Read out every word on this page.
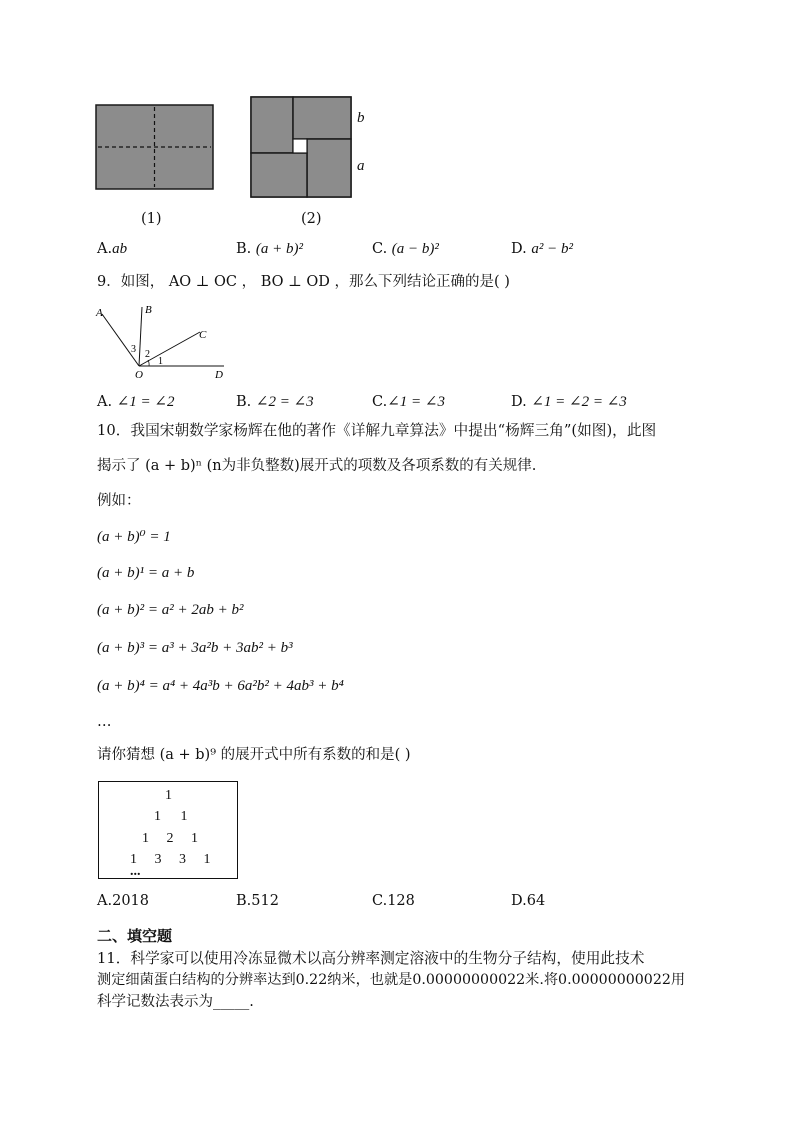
(1)
b
a
(2)
A.ab	B. (a + b)²	C. (a − b)²	D. a² − b²
9．如图， AO ⊥ OC ， BO ⊥ OD ，那么下列结论正确的是( )
3 2
1
A	B
C
O	D
A. ∠1 = ∠2	B. ∠2 = ∠3	C.∠1 = ∠3	D. ∠1 = ∠2 = ∠3
10．我国宋朝数学家杨辉在他的著作《详解九章算法》中提出“杨辉三角”(如图)，此图
揭示了 (a + b)ⁿ (n为非负整数)展开式的项数及各项系数的有关规律.
例如：
(a + b)⁰ = 1
(a + b)¹ = a + b
(a + b)² = a² + 2ab + b²
(a + b)³ = a³ + 3a²b + 3ab² + b³
(a + b)⁴ = a⁴ + 4a³b + 6a²b² + 4ab³ + b⁴
…
请你猜想 (a + b)⁹ 的展开式中所有系数的和是( )
1
1 1
1 2 1
1 3 3 1
...
A.2018	B.512	C.128	D.64
二、填空题
11．科学家可以使用冷冻显微术以高分辨率测定溶液中的生物分子结构，使用此技术
测定细菌蛋白结构的分辨率达到0.22纳米，也就是0.00000000022米.将0.00000000022用
科学记数法表示为_____.
